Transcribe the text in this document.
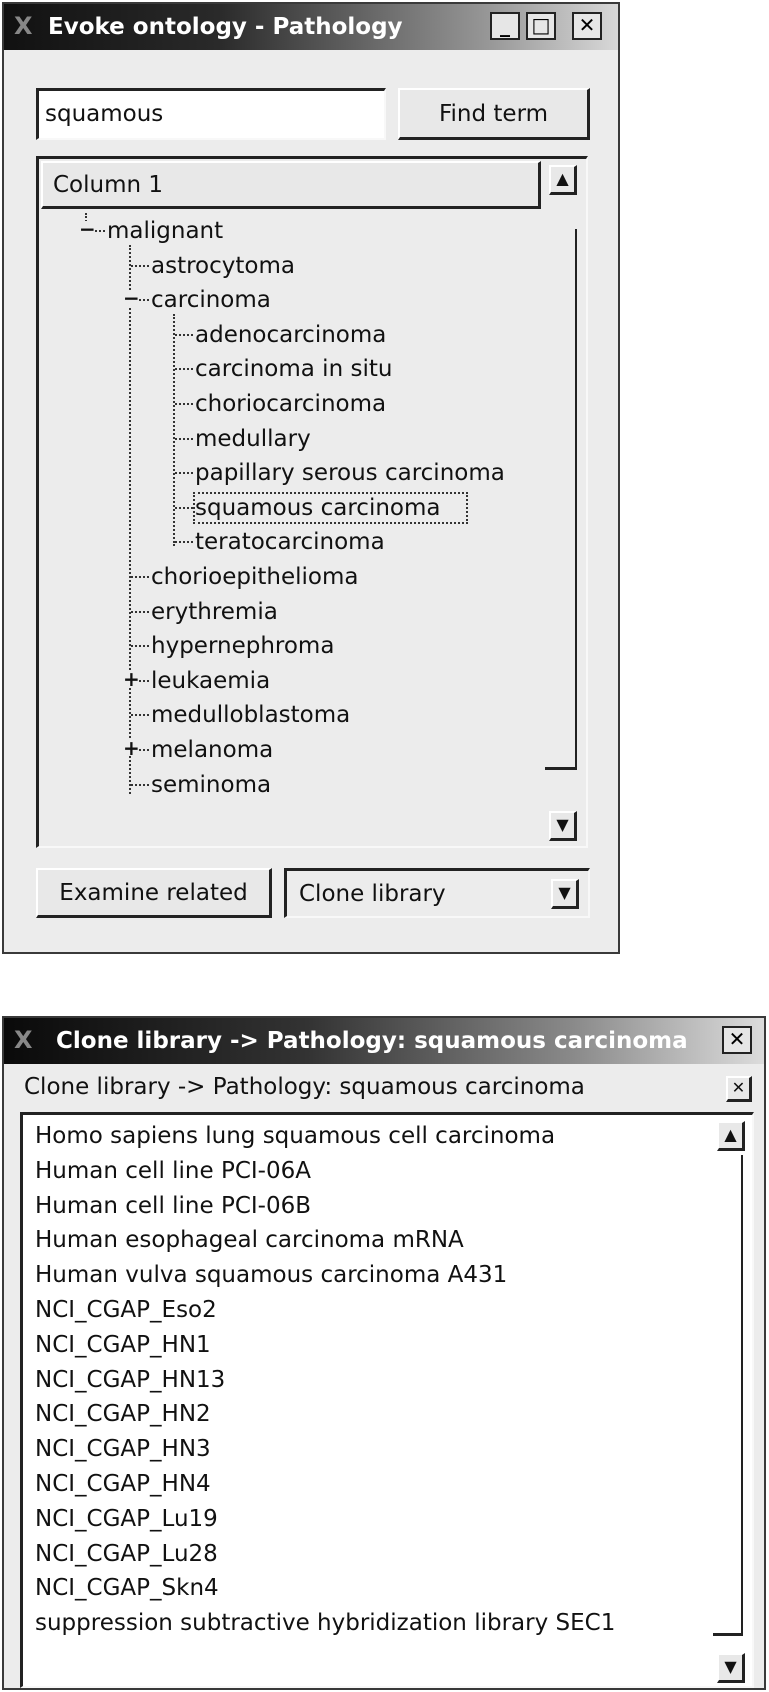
X Evoke ontology - Pathology	_	□	✕
squamous	Find term
Column 1	▲
▼
− malignant
astrocytoma
− carcinoma
adenocarcinoma
carcinoma in situ
choriocarcinoma
medullary
papillary serous carcinoma
squamous carcinoma
teratocarcinoma
chorioepithelioma
erythremia
hypernephroma
+ leukaemia
medulloblastoma
+ melanoma
seminoma
Examine related	Clone library	▼
X Clone library -> Pathology: squamous carcinoma	✕
Clone library -> Pathology: squamous carcinoma	✕
Homo sapiens lung squamous cell carcinoma
Human cell line PCI-06A
Human cell line PCI-06B
Human esophageal carcinoma mRNA
Human vulva squamous carcinoma A431
NCI_CGAP_Eso2
NCI_CGAP_HN1
NCI_CGAP_HN13
NCI_CGAP_HN2
NCI_CGAP_HN3
NCI_CGAP_HN4
NCI_CGAP_Lu19
NCI_CGAP_Lu28
NCI_CGAP_Skn4
suppression subtractive hybridization library SEC1
▲
▼
